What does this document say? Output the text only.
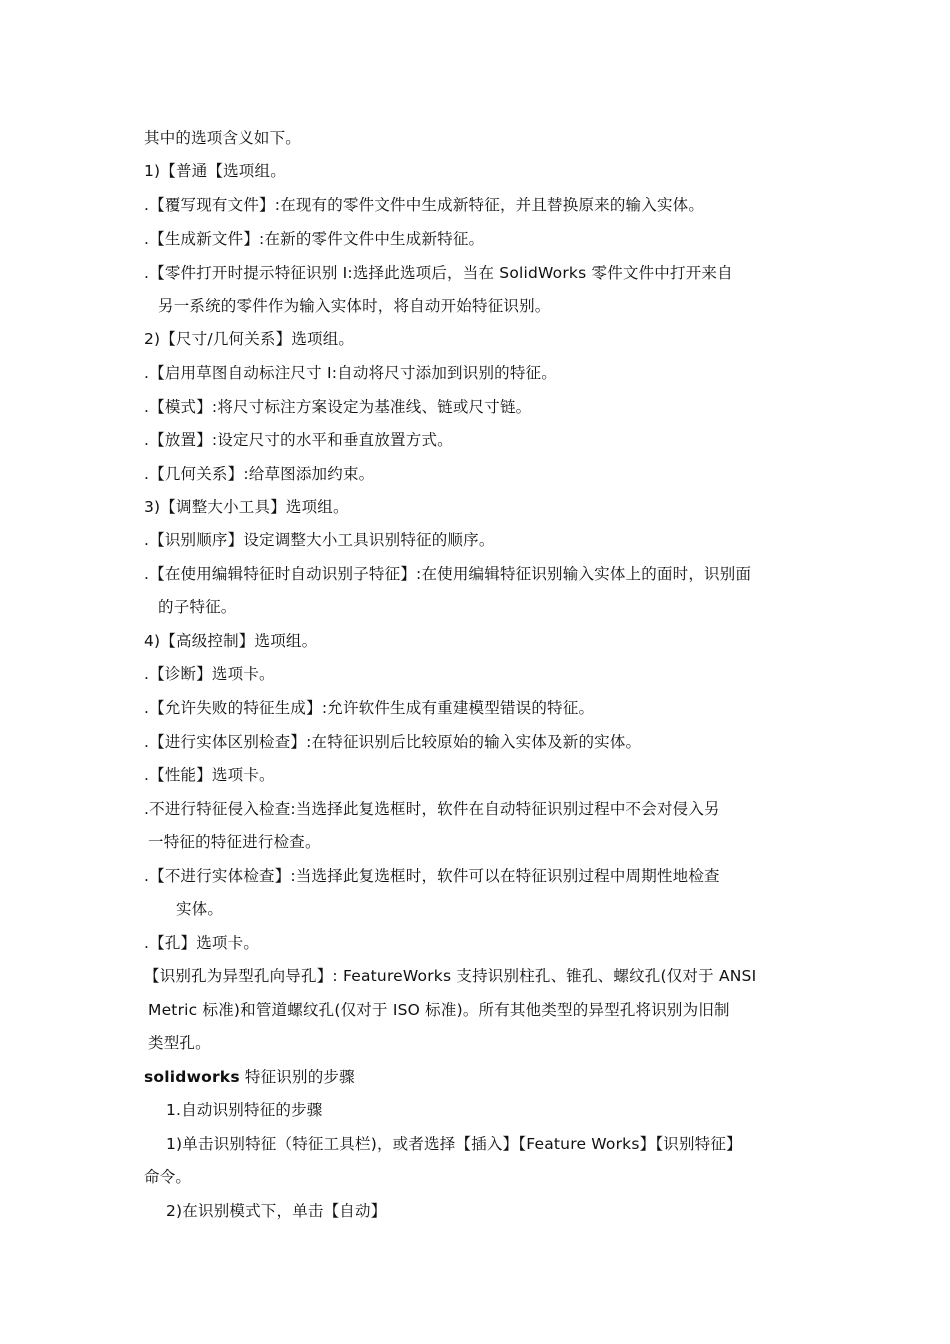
其中的选项含义如下。
1)【普通【选项组。
.【覆写现有文件】:在现有的零件文件中生成新特征，并且替换原来的输入实体。
.【生成新文件】:在新的零件文件中生成新特征。
.【零件打开时提示特征识别 I:选择此选项后，当在 SolidWorks 零件文件中打开来自
另一系统的零件作为输入实体时，将自动开始特征识别。
2)【尺寸/几何关系】选项组。
.【启用草图自动标注尺寸 I:自动将尺寸添加到识别的特征。
.【模式】:将尺寸标注方案设定为基准线、链或尺寸链。
.【放置】:设定尺寸的水平和垂直放置方式。
.【几何关系】:给草图添加约束。
3)【调整大小工具】选项组。
.【识别顺序】设定调整大小工具识别特征的顺序。
.【在使用编辑特征时自动识别子特征】:在使用编辑特征识别输入实体上的面时，识别面
的子特征。
4)【高级控制】选项组。
.【诊断】选项卡。
.【允许失败的特征生成】:允许软件生成有重建模型错误的特征。
.【进行实体区别检查】:在特征识别后比较原始的输入实体及新的实体。
.【性能】选项卡。
.不进行特征侵入检查:当选择此复选框时，软件在自动特征识别过程中不会对侵入另
一特征的特征进行检查。
.【不进行实体检查】:当选择此复选框时，软件可以在特征识别过程中周期性地检查
实体。
.【孔】选项卡。
【识别孔为异型孔向导孔】: FeatureWorks 支持识别柱孔、锥孔、螺纹孔(仅对于 ANSI
Metric 标准)和管道螺纹孔(仅对于 ISO 标准)。所有其他类型的异型孔将识别为旧制
类型孔。
solidworks 特征识别的步骤
1.自动识别特征的步骤
1)单击识别特征（特征工具栏)，或者选择【插入】【Feature Works】【识别特征】
命令。
2)在识别模式下，单击【自动】
